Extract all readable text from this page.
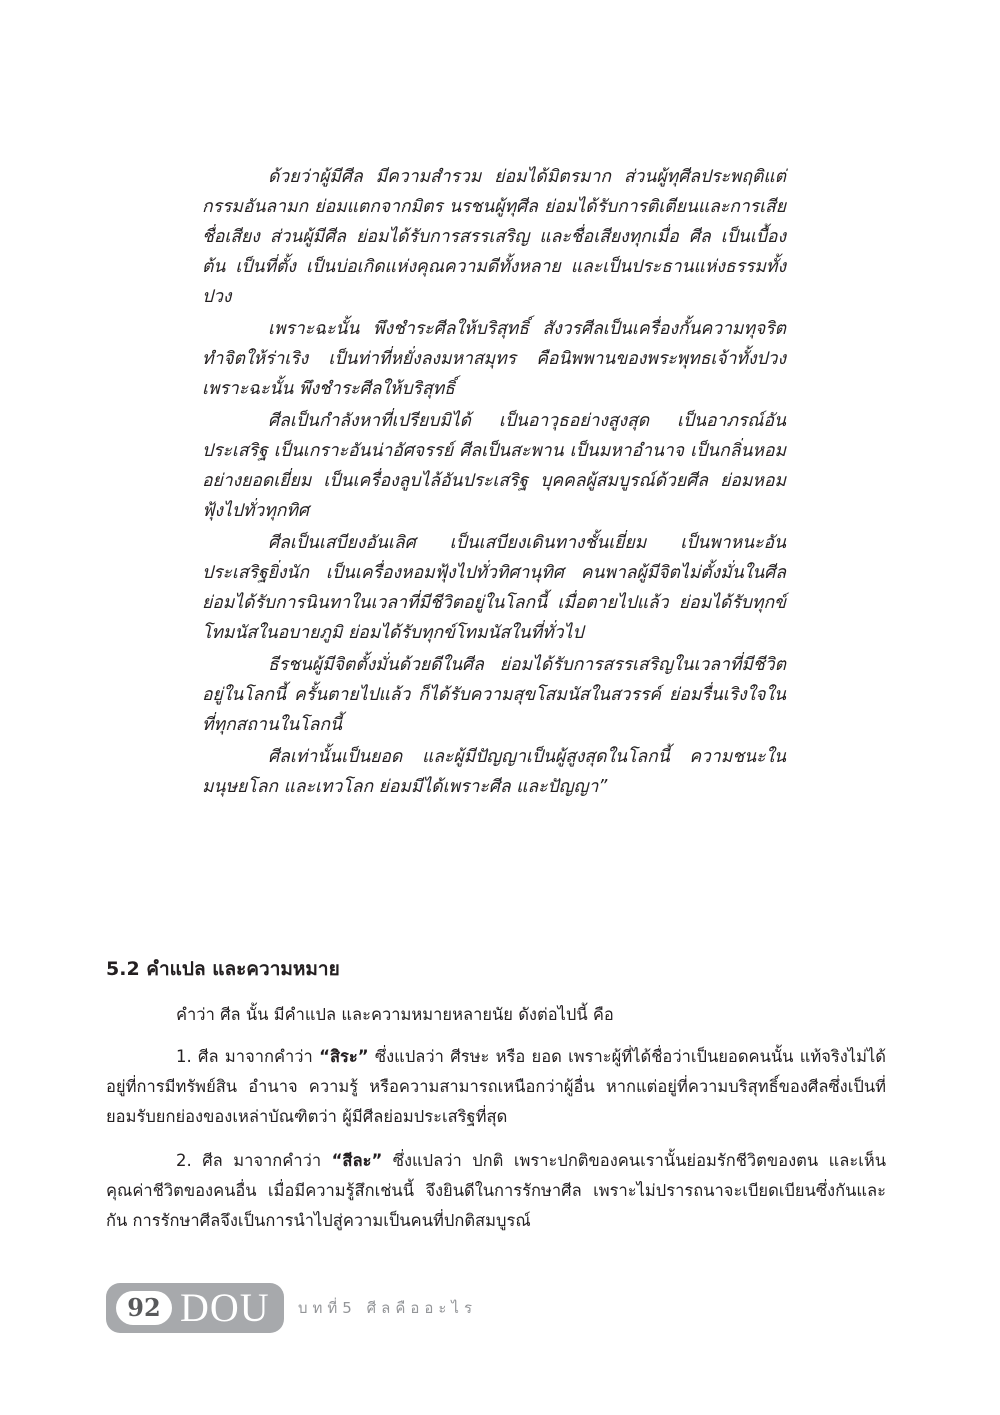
ด้วยว่าผู้มีศีล มีความสำรวม ย่อมได้มิตรมาก ส่วนผู้ทุศีลประพฤติแต่กรรมอันลามก ย่อมแตกจากมิตร นรชนผู้ทุศีล ย่อมได้รับการติเตียนและการเสียชื่อเสียง ส่วนผู้มีศีล ย่อมได้รับการสรรเสริญ และชื่อเสียงทุกเมื่อ ศีล เป็นเบื้องต้น เป็นที่ตั้ง เป็นบ่อเกิดแห่งคุณความดีทั้งหลาย และเป็นประธานแห่งธรรมทั้งปวง

เพราะฉะนั้น พึงชำระศีลให้บริสุทธิ์ สังวรศีลเป็นเครื่องกั้นความทุจริต ทำจิตให้ร่าเริง เป็นท่าที่หยั่งลงมหาสมุทร คือนิพพานของพระพุทธเจ้าทั้งปวง เพราะฉะนั้น พึงชำระศีลให้บริสุทธิ์

ศีลเป็นกำลังหาที่เปรียบมิได้ เป็นอาวุธอย่างสูงสุด เป็นอาภรณ์อันประเสริฐ เป็นเกราะอันน่าอัศจรรย์ ศีลเป็นสะพาน เป็นมหาอำนาจ เป็นกลิ่นหอมอย่างยอดเยี่ยม เป็นเครื่องลูบไล้อันประเสริฐ บุคคลผู้สมบูรณ์ด้วยศีล ย่อมหอมฟุ้งไปทั่วทุกทิศ

ศีลเป็นเสบียงอันเลิศ เป็นเสบียงเดินทางชั้นเยี่ยม เป็นพาหนะอันประเสริฐยิ่งนัก เป็นเครื่องหอมฟุ้งไปทั่วทิศานุทิศ คนพาลผู้มีจิตไม่ตั้งมั่นในศีลย่อมได้รับการนินทาในเวลาที่มีชีวิตอยู่ในโลกนี้ เมื่อตายไปแล้ว ย่อมได้รับทุกข์โทมนัสในอบายภูมิ ย่อมได้รับทุกข์โทมนัสในที่ทั่วไป

ธีรชนผู้มีจิตตั้งมั่นด้วยดีในศีล ย่อมได้รับการสรรเสริญในเวลาที่มีชีวิตอยู่ในโลกนี้ ครั้นตายไปแล้ว ก็ได้รับความสุขโสมนัสในสวรรค์ ย่อมรื่นเริงใจในที่ทุกสถานในโลกนี้

ศีลเท่านั้นเป็นยอด และผู้มีปัญญาเป็นผู้สูงสุดในโลกนี้ ความชนะในมนุษยโลก และเทวโลก ย่อมมีได้เพราะศีล และปัญญา”

5.2 คำแปล และความหมาย

คำว่า ศีล นั้น มีคำแปล และความหมายหลายนัย ดังต่อไปนี้ คือ

1. ศีล มาจากคำว่า “สิระ” ซึ่งแปลว่า ศีรษะ หรือ ยอด เพราะผู้ที่ได้ชื่อว่าเป็นยอดคนนั้น แท้จริงไม่ได้อยู่ที่การมีทรัพย์สิน อำนาจ ความรู้ หรือความสามารถเหนือกว่าผู้อื่น หากแต่อยู่ที่ความบริสุทธิ์ของศีลซึ่งเป็นที่ยอมรับยกย่องของเหล่าบัณฑิตว่า ผู้มีศีลย่อมประเสริฐที่สุด

2. ศีล มาจากคำว่า “สีละ” ซึ่งแปลว่า ปกติ เพราะปกติของคนเรานั้นย่อมรักชีวิตของตน และเห็นคุณค่าชีวิตของคนอื่น เมื่อมีความรู้สึกเช่นนี้ จึงยินดีในการรักษาศีล เพราะไม่ปรารถนาจะเบียดเบียนซึ่งกันและกัน การรักษาศีลจึงเป็นการนำไปสู่ความเป็นคนที่ปกติสมบูรณ์

92 DOU บทที่5 ศีลคืออะไร
